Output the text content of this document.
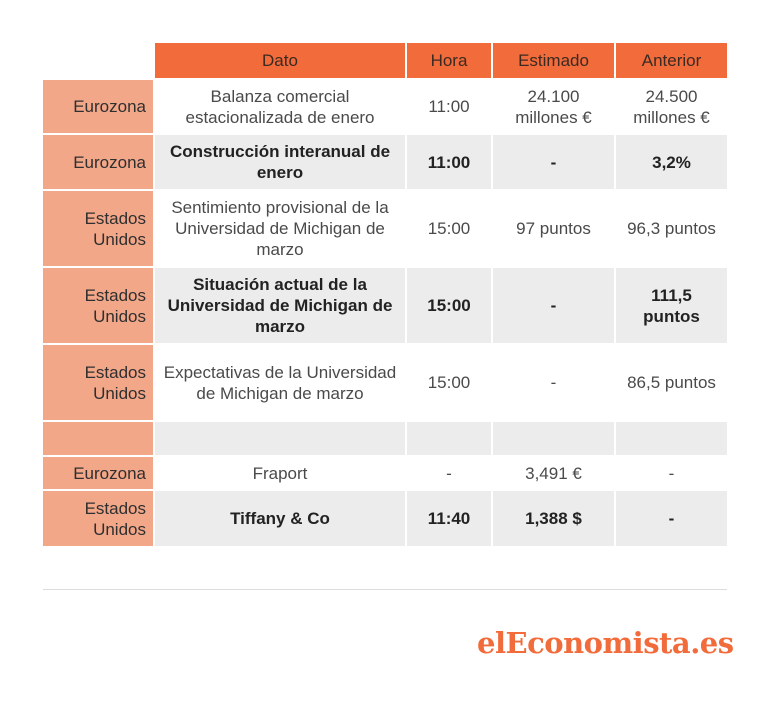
	Dato	Hora	Estimado	Anterior
Eurozona	Balanza comercial estacionalizada de enero	11:00	24.100 millones €	24.500 millones €
Eurozona	Construcción interanual de enero	11:00	-	3,2%
Estados Unidos	Sentimiento provisional de la Universidad de Michigan de marzo	15:00	97 puntos	96,3 puntos
Estados Unidos	Situación actual de la Universidad de Michigan de marzo	15:00	-	111,5 puntos
Estados Unidos	Expectativas de la Universidad de Michigan de marzo	15:00	-	86,5 puntos

Eurozona	Fraport	-	3,491 €	-
Estados Unidos	Tiffany & Co	11:40	1,388 $	-
elEconomista.es
